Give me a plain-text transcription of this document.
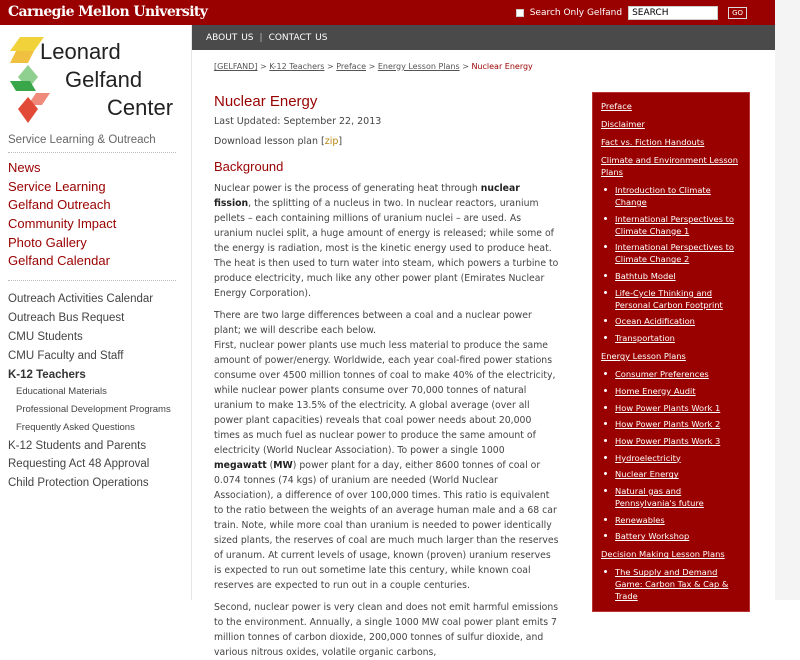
Carnegie Mellon University	Search Only Gelfand
SEARCH	GO
ABOUT US | CONTACT US
Leonard
Gelfand
Center
Service Learning & Outreach
News
Service Learning
Gelfand Outreach
Community Impact
Photo Gallery
Gelfand Calendar
Outreach Activities Calendar
Outreach Bus Request
CMU Students
CMU Faculty and Staff
K-12 Teachers
Educational Materials
Professional Development Programs
Frequently Asked Questions
K-12 Students and Parents
Requesting Act 48 Approval
Child Protection Operations
[GELFAND] > K-12 Teachers > Preface > Energy Lesson Plans > Nuclear Energy
Nuclear Energy
Last Updated: September 22, 2013
Download lesson plan [zip]
Background

Nuclear power is the process of generating heat through nuclear fission, the splitting of a nucleus in two. In nuclear reactors, uranium pellets – each containing millions of uranium nuclei – are used. As uranium nuclei split, a huge amount of energy is released; while some of the energy is radiation, most is the kinetic energy used to produce heat. The heat is then used to turn water into steam, which powers a turbine to produce electricity, much like any other power plant (Emirates Nuclear Energy Corporation).

There are two large differences between a coal and a nuclear power plant; we will describe each below.
First, nuclear power plants use much less material to produce the same amount of power/energy. Worldwide, each year coal-fired power stations consume over 4500 million tonnes of coal to make 40% of the electricity, while nuclear power plants consume over 70,000 tonnes of natural uranium to make 13.5% of the electricity. A global average (over all power plant capacities) reveals that coal power needs about 20,000 times as much fuel as nuclear power to produce the same amount of electricity (World Nuclear Association). To power a single 1000 megawatt (MW) power plant for a day, either 8600 tonnes of coal or 0.074 tonnes (74 kgs) of uranium are needed (World Nuclear Association), a difference of over 100,000 times. This ratio is equivalent to the ratio between the weights of an average human male and a 68 car train. Note, while more coal than uranium is needed to power identically sized plants, the reserves of coal are much much larger than the reserves of uranum. At current levels of usage, known (proven) uranium reserves is expected to run out sometime late this century, while known coal reserves are expected to run out in a couple centuries.

Second, nuclear power is very clean and does not emit harmful emissions to the environment. Annually, a single 1000 MW coal power plant emits 7 million tonnes of carbon dioxide, 200,000 tonnes of sulfur dioxide, and various nitrous oxides, volatile organic carbons,

Preface
Disclaimer
Fact vs. Fiction Handouts
Climate and Environment Lesson Plans
Introduction to Climate Change
International Perspectives to Climate Change 1
International Perspectives to Climate Change 2
Bathtub Model
Life-Cycle Thinking and Personal Carbon Footprint
Ocean Acidification
Transportation
Energy Lesson Plans
Consumer Preferences
Home Energy Audit
How Power Plants Work 1
How Power Plants Work 2
How Power Plants Work 3
Hydroelectricity
Nuclear Energy
Natural gas and Pennsylvania's future
Renewables
Battery Workshop
Decision Making Lesson Plans
The Supply and Demand Game: Carbon Tax & Cap & Trade
